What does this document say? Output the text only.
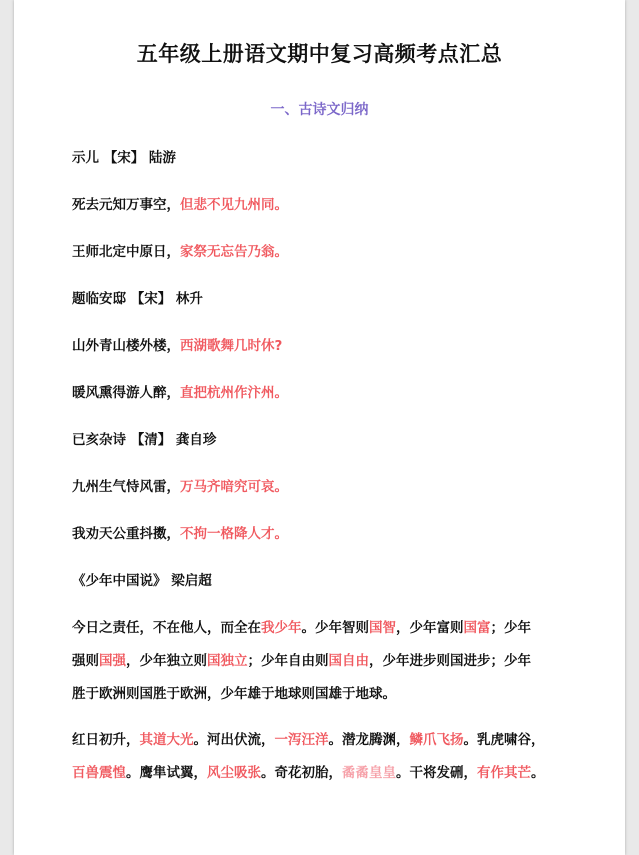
五年级上册语文期中复习高频考点汇总
一、古诗文归纳
示儿 【宋】 陆游
死去元知万事空，但悲不见九州同。
王师北定中原日，家祭无忘告乃翁。
题临安邸 【宋】 林升
山外青山楼外楼，西湖歌舞几时休?
暖风熏得游人醉，直把杭州作汴州。
已亥杂诗 【清】 龚自珍
九州生气恃风雷，万马齐喑究可哀。
我劝天公重抖擞，不拘一格降人才。
《少年中国说》 梁启超
今日之责任，不在他人，而全在我少年。少年智则国智，少年富则国富；少年
强则国强，少年独立则国独立；少年自由则国自由，少年进步则国进步；少年
胜于欧洲则国胜于欧洲，少年雄于地球则国雄于地球。
红日初升，其道大光。河出伏流，一泻汪洋。潜龙腾渊，鳞爪飞扬。乳虎啸谷，
百兽震惶。鹰隼试翼，风尘吸张。奇花初胎，矞矞皇皇。干将发硎，有作其芒。
